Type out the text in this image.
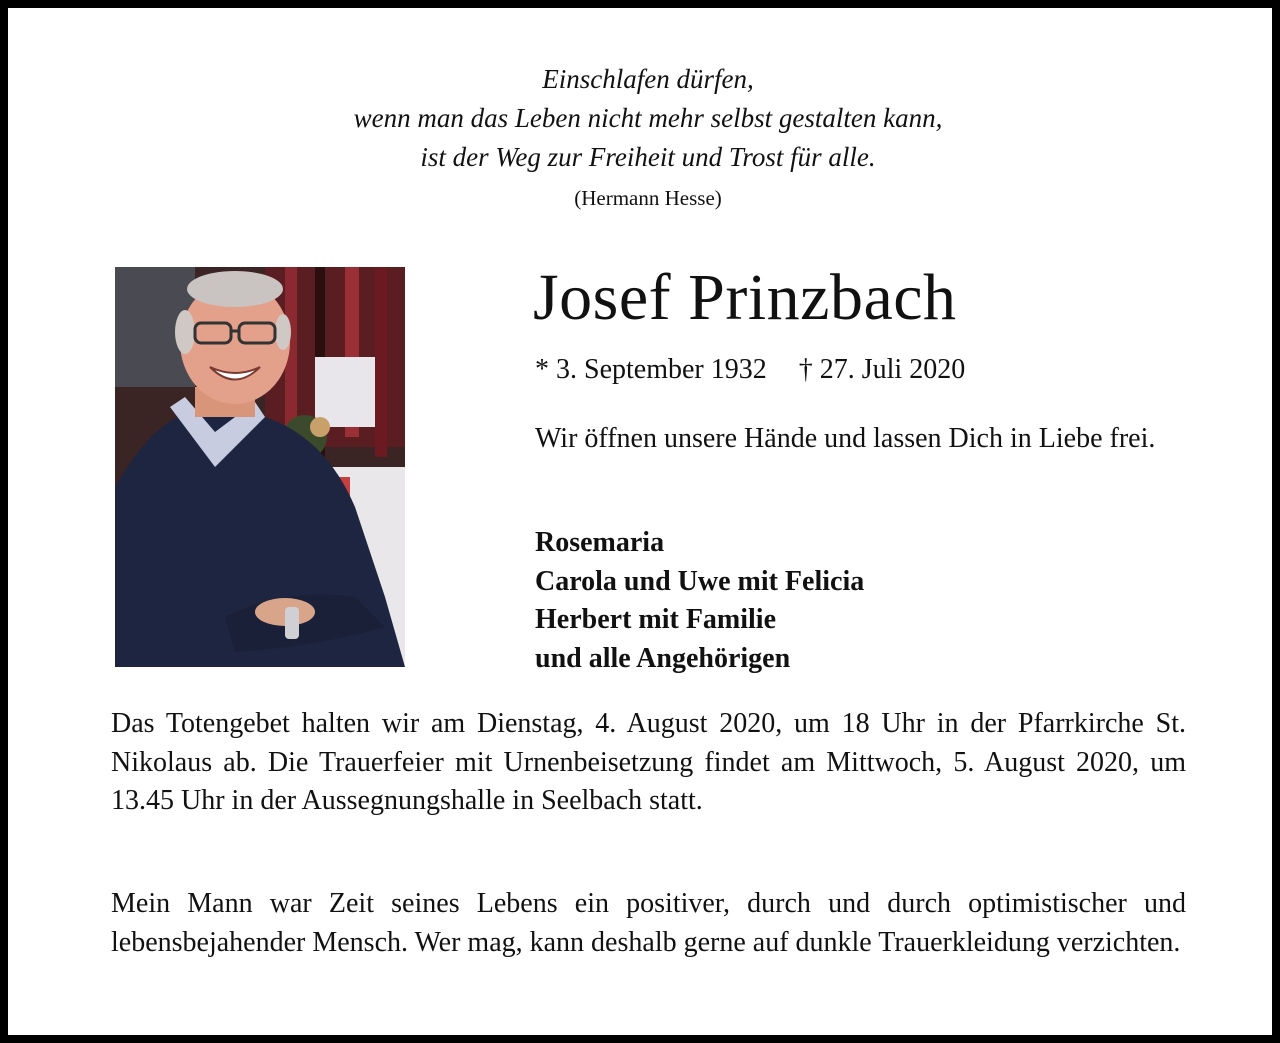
Einschlafen dürfen,
wenn man das Leben nicht mehr selbst gestalten kann,
ist der Weg zur Freiheit und Trost für alle.
(Hermann Hesse)
Josef Prinzbach
* 3. September 1932 † 27. Juli 2020
Wir öffnen unsere Hände und lassen Dich in Liebe frei.
Rosemaria
Carola und Uwe mit Felicia
Herbert mit Familie
und alle Angehörigen
Das Totengebet halten wir am Dienstag, 4. August 2020, um 18 Uhr in der Pfarrkirche St. Nikolaus ab. Die Trauerfeier mit Urnenbeisetzung findet am Mittwoch, 5. August 2020, um 13.45 Uhr in der Aussegnungshalle in Seelbach statt.
Mein Mann war Zeit seines Lebens ein positiver, durch und durch optimistischer und lebensbejahender Mensch. Wer mag, kann deshalb gerne auf dunkle Trauerkleidung verzichten.
